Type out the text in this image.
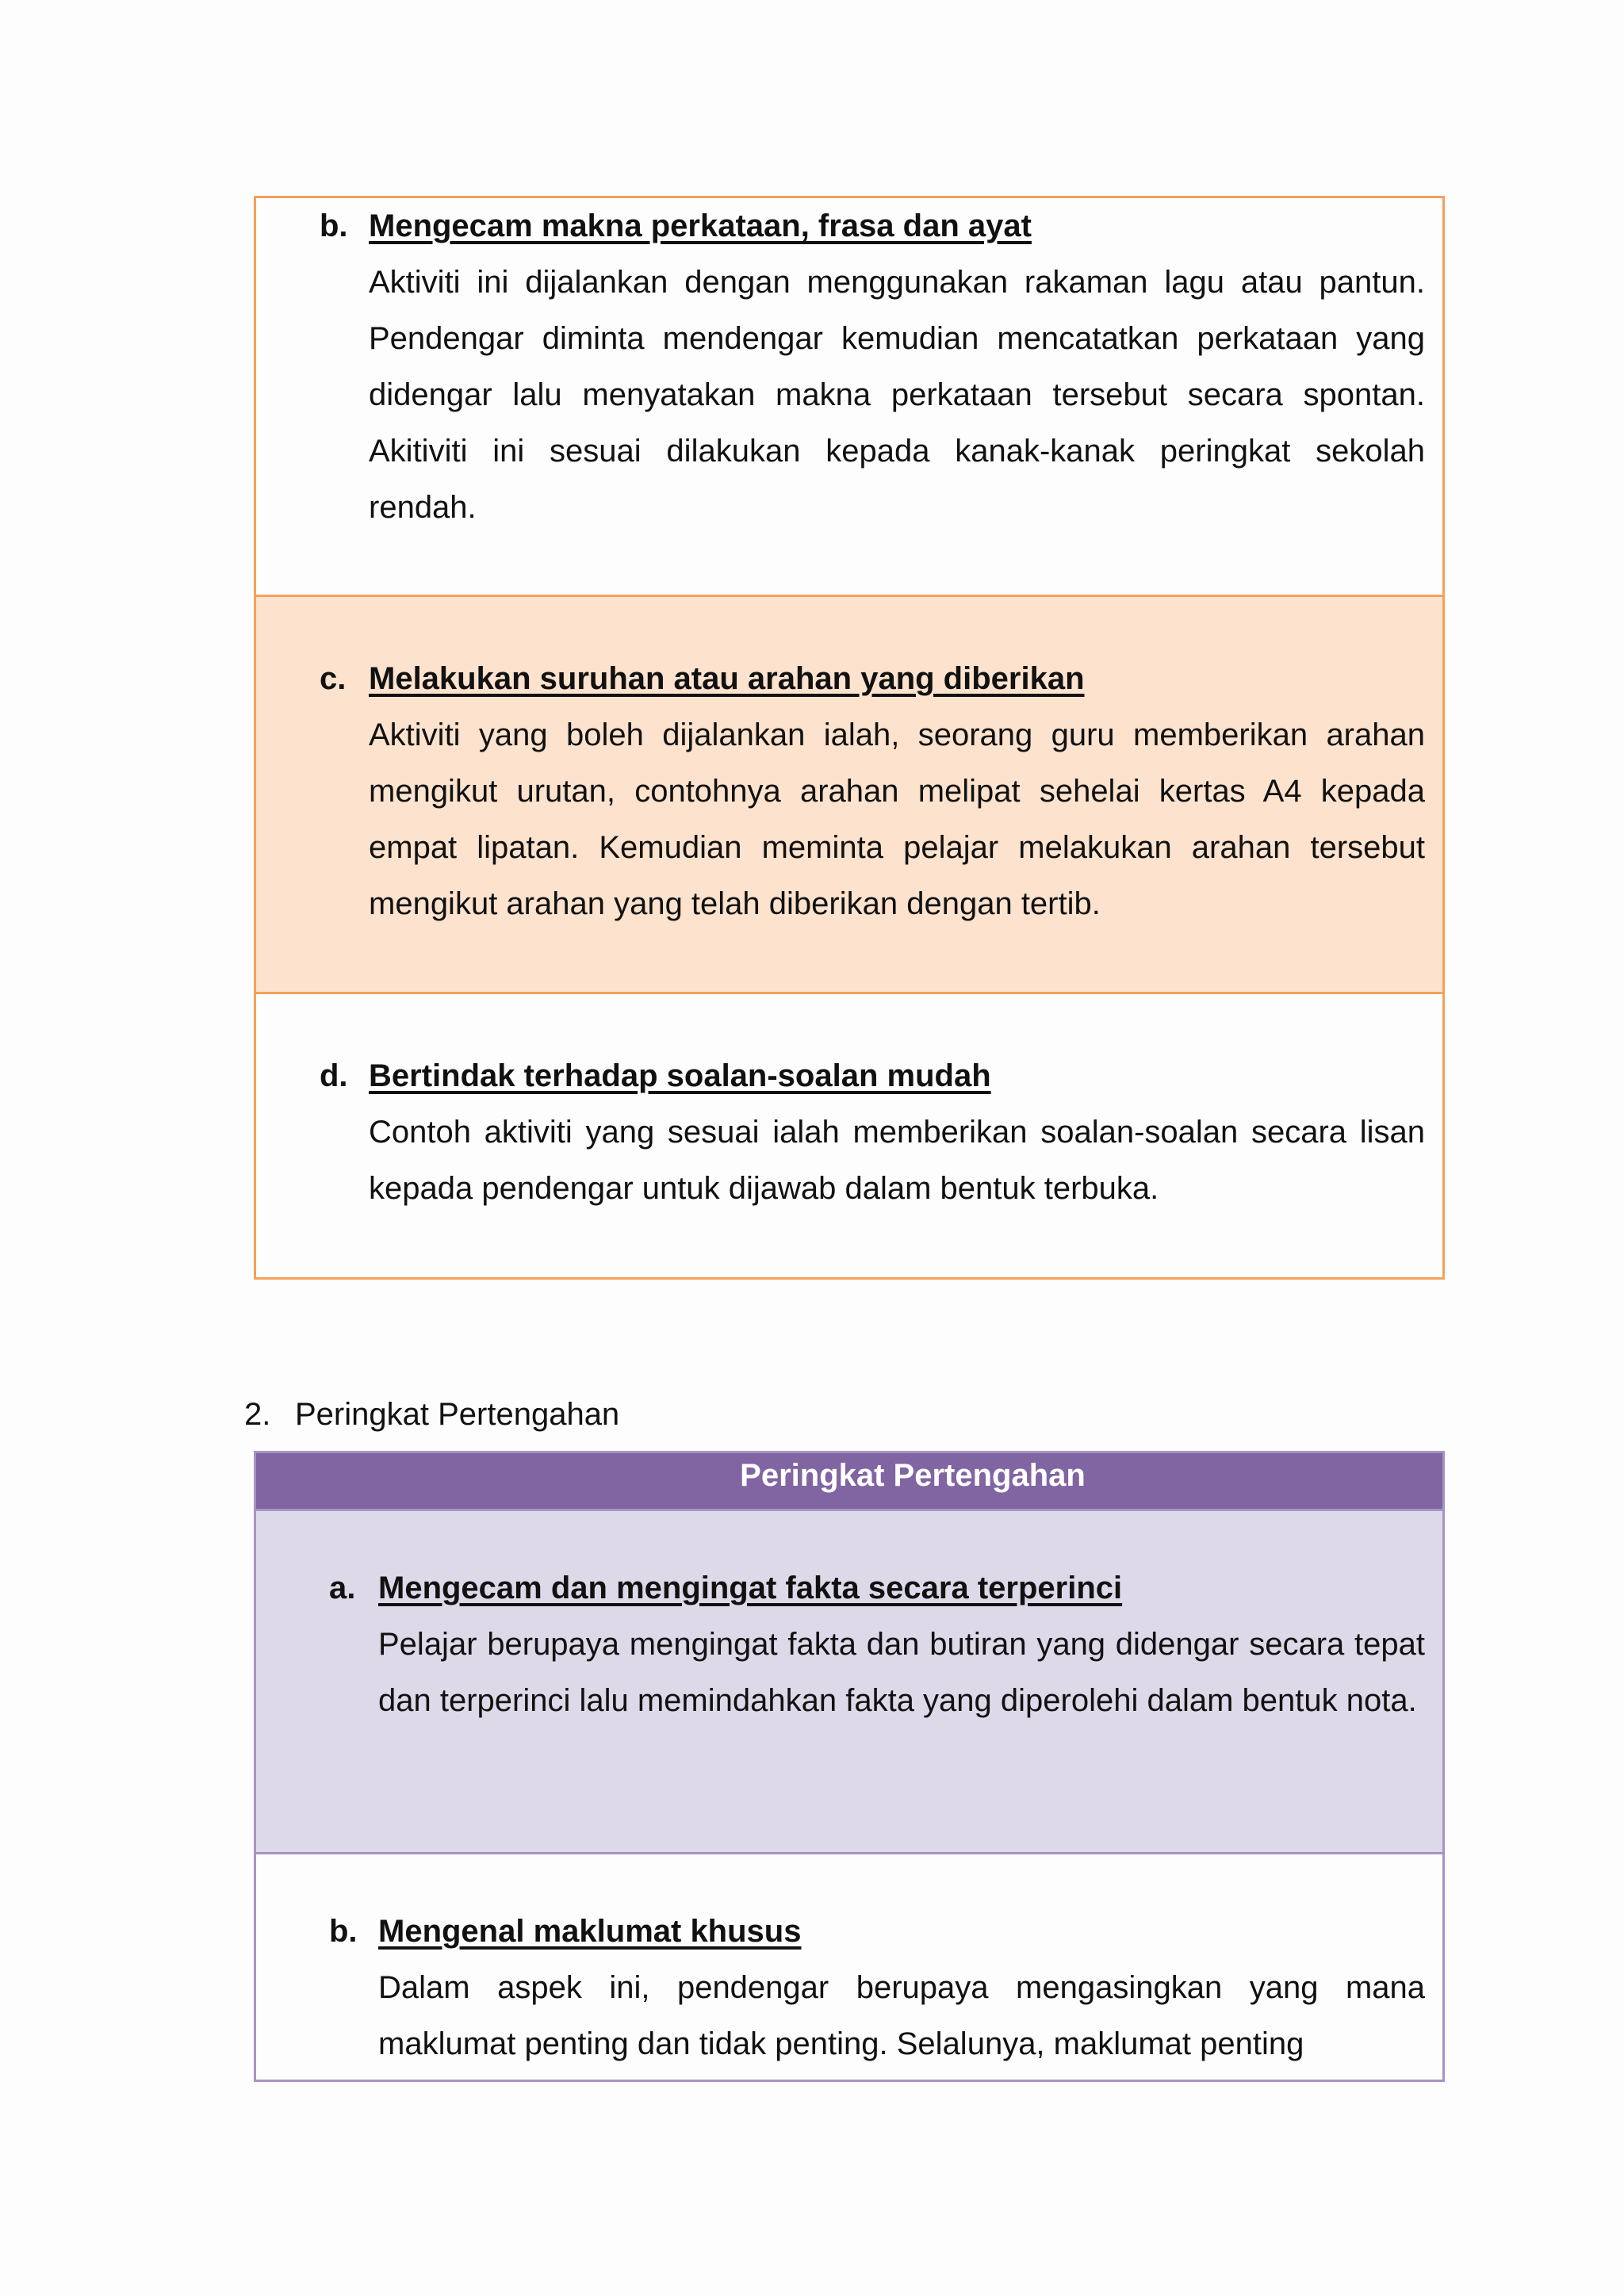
b. Mengecam makna perkataan, frasa dan ayat
Aktiviti ini dijalankan dengan menggunakan rakaman lagu atau pantun. Pendengar diminta mendengar kemudian mencatatkan perkataan yang didengar lalu menyatakan makna perkataan tersebut secara spontan. Akitiviti ini sesuai dilakukan kepada kanak-kanak peringkat sekolah rendah.
c. Melakukan suruhan atau arahan yang diberikan
Aktiviti yang boleh dijalankan ialah, seorang guru memberikan arahan mengikut urutan, contohnya arahan melipat sehelai kertas A4 kepada empat lipatan. Kemudian meminta pelajar melakukan arahan tersebut mengikut arahan yang telah diberikan dengan tertib.
d. Bertindak terhadap soalan-soalan mudah
Contoh aktiviti yang sesuai ialah memberikan soalan-soalan secara lisan kepada pendengar untuk dijawab dalam bentuk terbuka.
2. Peringkat Pertengahan
Peringkat Pertengahan
a. Mengecam dan mengingat fakta secara terperinci
Pelajar berupaya mengingat fakta dan butiran yang didengar secara tepat dan terperinci lalu memindahkan fakta yang diperolehi dalam bentuk nota.
b. Mengenal maklumat khusus
Dalam aspek ini, pendengar berupaya mengasingkan yang mana maklumat penting dan tidak penting. Selalunya, maklumat penting
